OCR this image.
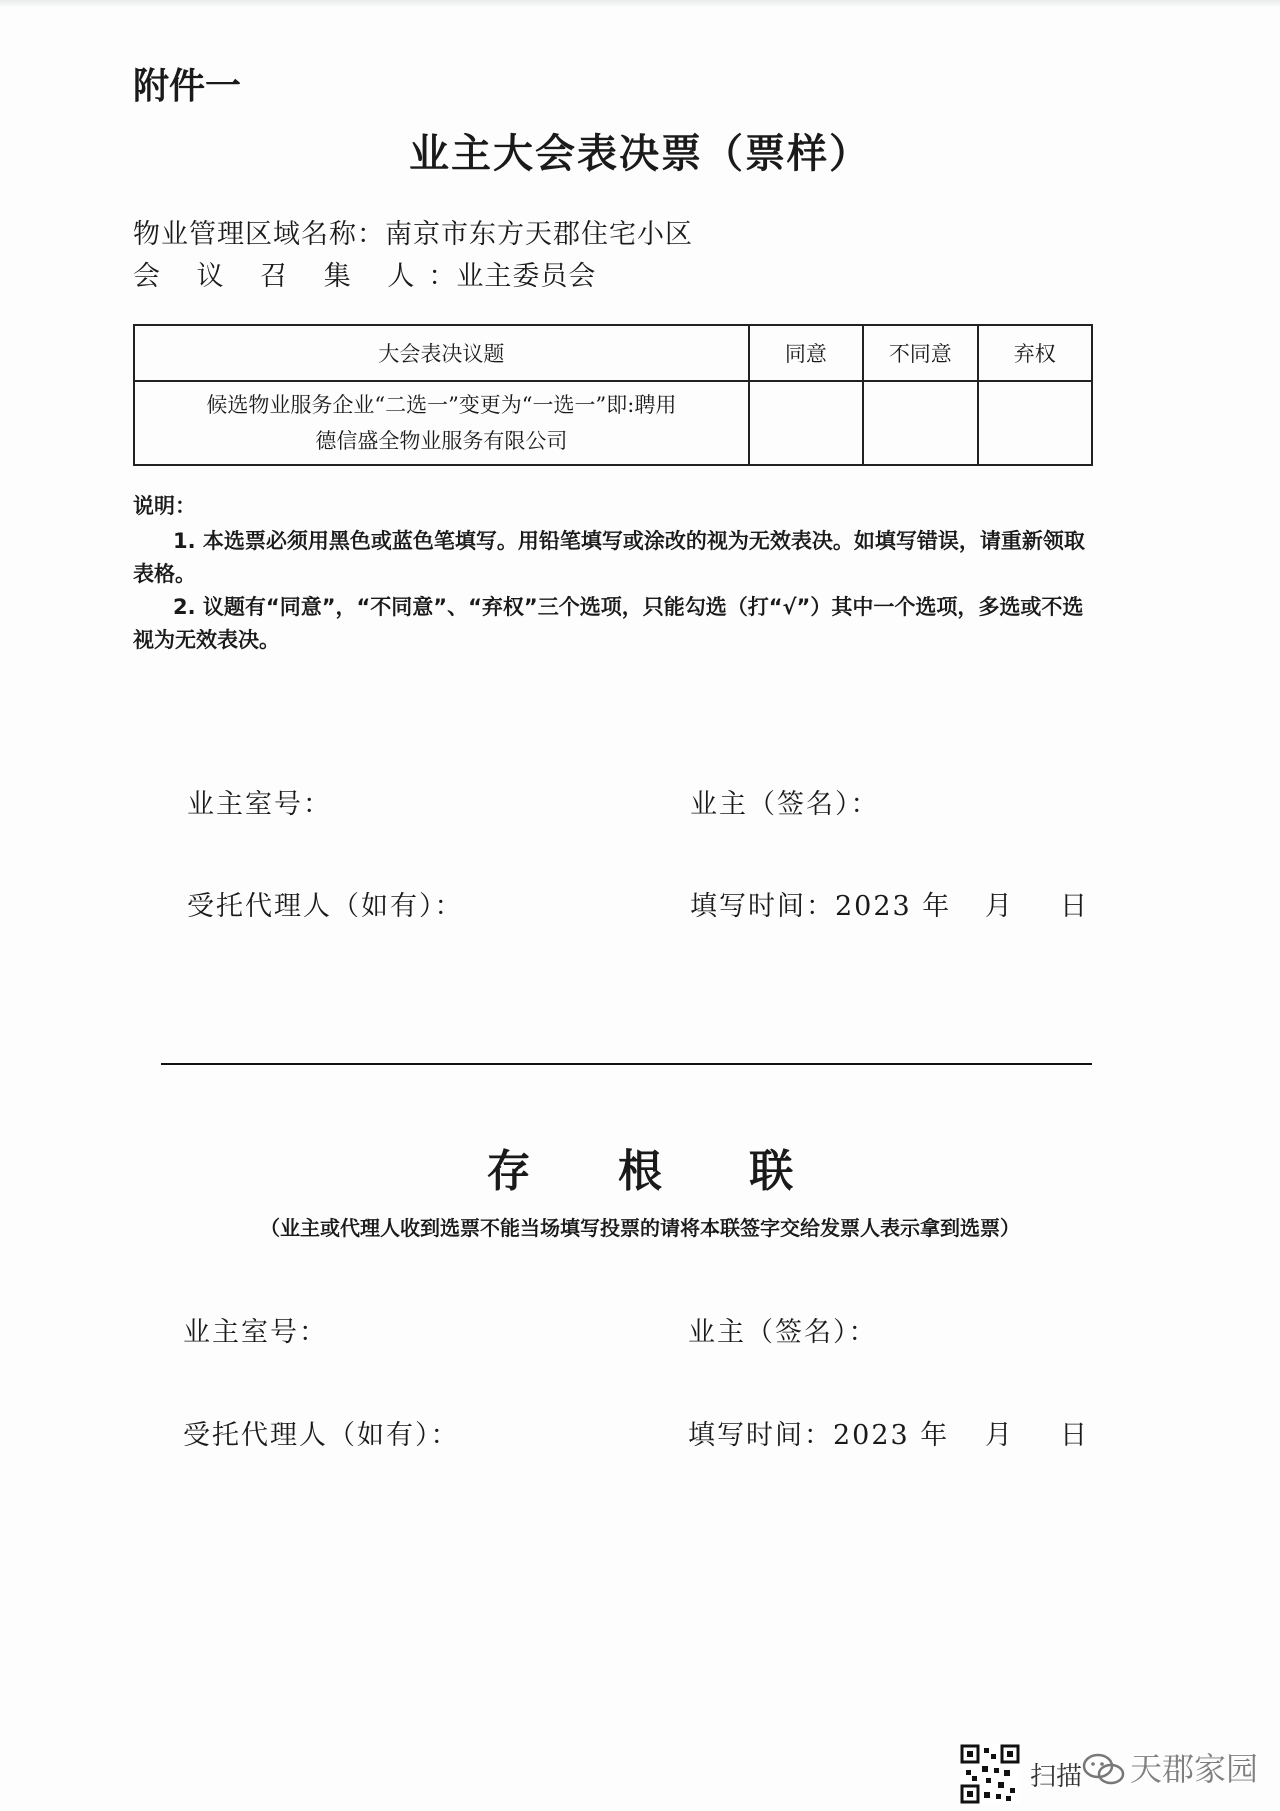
附件一
业主大会表决票（票样）
物业管理区域名称：南京市东方天郡住宅小区
会 议 召 集 人：业主委员会
大会表决议题	同意	不同意	弃权

候选物业服务企业“二选一”变更为“一选一”即:聘用
德信盛全物业服务有限公司			

说明：
1. 本选票必须用黑色或蓝色笔填写。用铅笔填写或涂改的视为无效表决。如填写错误，请重新领取表格。
2. 议题有“同意”，“不同意”、“弃权”三个选项，只能勾选（打“√”）其中一个选项，多选或不选视为无效表决。
业主室号：	业主（签名）：
受托代理人（如有）：	填写时间：2023 年 月 日
存 根 联
（业主或代理人收到选票不能当场填写投票的请将本联签字交给发票人表示拿到选票）
业主室号：	业主（签名）：
受托代理人（如有）：	填写时间：2023 年 月 日
扫描 天郡家园
